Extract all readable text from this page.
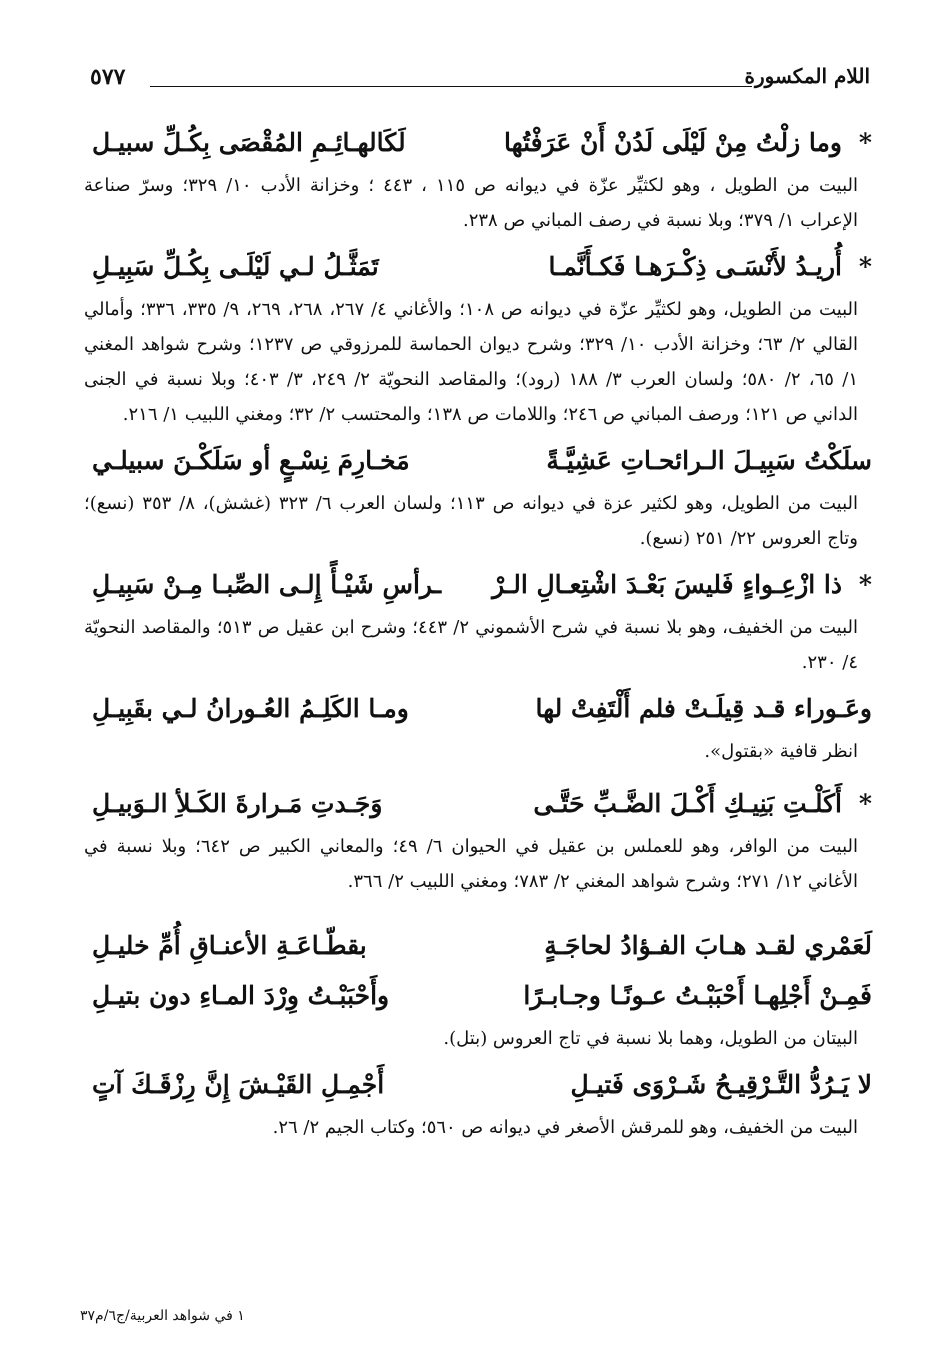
اللام المكسورة
٥٧٧
*
وما زلْتُ مِنْ لَيْلَى لَدُنْ أَنْ عَرَفْتُها
لَكَالهـائِـمِ المُقْصَى بِكُـلِّ سبيـل
البيت من الطويل ، وهو لكثيِّر عزّة في ديوانه ص ١١٥ ، ٤٤٣ ؛ وخزانة الأدب ١٠/ ٣٢٩؛ وسرّ صناعة الإعراب ١/ ٣٧٩؛ وبلا نسبة في رصف المباني ص ٢٣٨.
*
أُريـدُ لأَنْسَـى ذِكْـرَهـا فَكـأَنَّمـا
تَمَثَّـلُ لـي لَيْلَـى بِكُـلِّ سَبِيـلِ
البيت من الطويل، وهو لكثيِّر عزّة في ديوانه ص ١٠٨؛ والأغاني ٤/ ٢٦٧، ٢٦٨، ٢٦٩، ٩/ ٣٣٥، ٣٣٦؛ وأمالي القالي ٢/ ٦٣؛ وخزانة الأدب ١٠/ ٣٢٩؛ وشرح ديوان الحماسة للمرزوقي ص ١٢٣٧؛ وشرح شواهد المغني ١/ ٦٥، ٢/ ٥٨٠؛ ولسان العرب ٣/ ١٨٨ (رود)؛ والمقاصد النحويّة ٢/ ٢٤٩، ٣/ ٤٠٣؛ وبلا نسبة في الجنى الداني ص ١٢١؛ ورصف المباني ص ٢٤٦؛ واللامات ص ١٣٨؛ والمحتسب ٢/ ٣٢؛ ومغني اللبيب ١/ ٢١٦.
سلَكْتُ سَبِيـلَ الـرائحـاتِ عَشِيَّـةً
مَخـارِمَ نِسْـعٍ أو سَلَكْـنَ سبيلـي
البيت من الطويل، وهو لكثير عزة في ديوانه ص ١١٣؛ ولسان العرب ٦/ ٣٢٣ (غشش)، ٨/ ٣٥٣ (نسع)؛ وتاج العروس ٢٢/ ٢٥١ (نسع).
*
ذا ازْعِـواءٍ فَليسَ بَعْـدَ اشْتِعـالِ الـرْ
ـرأسِ شَيْـأً إِلـى الصِّبـا مِـنْ سَبِيـلِ
البيت من الخفيف، وهو بلا نسبة في شرح الأشموني ٢/ ٤٤٣؛ وشرح ابن عقيل ص ٥١٣؛ والمقاصد النحويّة ٤/ ٢٣٠.
وعَـوراء قـد قِيلَـتْ فلم أَلْتَفِتْ لها
ومـا الكَلِـمُ العُـورانُ لـي بقَبِيـلِ
انظر قافية «بقتول».
*
أَكَلْـتِ بَنِيـكِ أَكْـلَ الضَّـبِّ حَتَّـى
وَجَـدتِ مَـرارةَ الكَـلأِ الـوَبيـلِ
البيت من الوافر، وهو للعملس بن عقيل في الحيوان ٦/ ٤٩؛ والمعاني الكبير ص ٦٤٢؛ وبلا نسبة في الأغاني ١٢/ ٢٧١؛ وشرح شواهد المغني ٢/ ٧٨٣؛ ومغني اللبيب ٢/ ٣٦٦.
لَعَمْري لقـد هـابَ الفـؤادُ لحاجَـةٍ
بقطّـاعَـةِ الأعنـاقِ أُمِّ خليـلِ
فَمِـنْ أَجْلِهـا أَحْبَبْـتُ عـونًـا وجـابـرًا
وأَحْبَبْـتُ وِرْدَ المـاءِ دون بتيـلِ
البيتان من الطويل، وهما بلا نسبة في تاج العروس (بتل).
لا يَـرُدُّ التَّـرْقِيـحُ شَـرْوَى فَتيـلِ
أَجْمِـلِ القَيْـشَ إِنَّ رِزْقَـكَ آتٍ
البيت من الخفيف، وهو للمرقش الأصغر في ديوانه ص ٥٦٠؛ وكتاب الجيم ٢/ ٢٦.
١ في شواهد العربية/ج٦/م٣٧
